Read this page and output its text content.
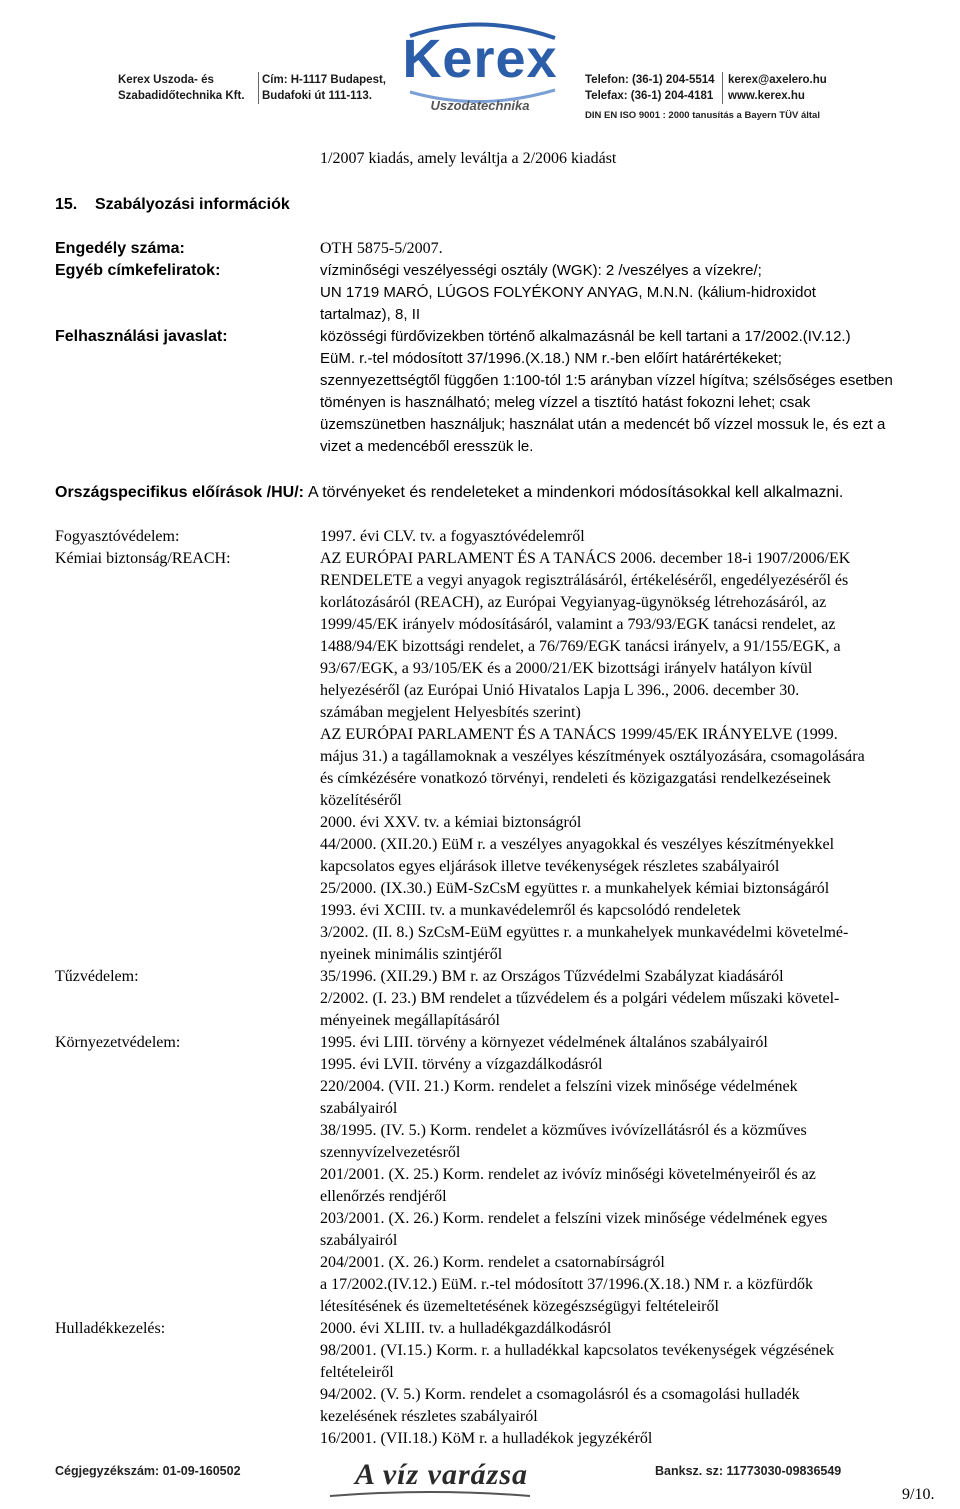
Kerex Uszoda- és
Szabadidőtechnika Kft.
Cím: H-1117 Budapest,
Budafoki út 111-113.
Kerex
Uszodatechnika
Telefon: (36-1) 204-5514
Telefax: (36-1) 204-4181
kerex@axelero.hu
www.kerex.hu
DIN EN ISO 9001 : 2000 tanusítás a Bayern TÜV által
1/2007 kiadás, amely leváltja a 2/2006 kiadást
15. Szabályozási információk
Engedély száma:	OTH 5875-5/2007.
Egyéb címkefeliratok:	vízminőségi veszélyességi osztály (WGK): 2 /veszélyes a vízekre/;
UN 1719 MARÓ, LÚGOS FOLYÉKONY ANYAG, M.N.N. (kálium-hidroxidot
tartalmaz), 8, II
Felhasználási javaslat:	közösségi fürdővizekben történő alkalmazásnál be kell tartani a 17/2002.(IV.12.)
EüM. r.-tel módosított 37/1996.(X.18.) NM r.-ben előírt határértékeket;
szennyezettségtől függően 1:100-tól 1:5 arányban vízzel hígítva; szélsőséges esetben
töményen is használható; meleg vízzel a tisztító hatást fokozni lehet; csak
üzemszünetben használjuk; használat után a medencét bő vízzel mossuk le, és ezt a
vizet a medencéből eresszük le.
Országspecifikus előírások /HU/: A törvényeket és rendeleteket a mindenkori módosításokkal kell alkalmazni.
Fogyasztóvédelem:	1997. évi CLV. tv. a fogyasztóvédelemről
Kémiai biztonság/REACH:	AZ EURÓPAI PARLAMENT ÉS A TANÁCS 2006. december 18-i 1907/2006/EK
RENDELETE a vegyi anyagok regisztrálásáról, értékeléséről, engedélyezéséről és
korlátozásáról (REACH), az Európai Vegyianyag-ügynökség létrehozásáról, az
1999/45/EK irányelv módosításáról, valamint a 793/93/EGK tanácsi rendelet, az
1488/94/EK bizottsági rendelet, a 76/769/EGK tanácsi irányelv, a 91/155/EGK, a
93/67/EGK, a 93/105/EK és a 2000/21/EK bizottsági irányelv hatályon kívül
helyezéséről (az Európai Unió Hivatalos Lapja L 396., 2006. december 30.
számában megjelent Helyesbítés szerint)
AZ EURÓPAI PARLAMENT ÉS A TANÁCS 1999/45/EK IRÁNYELVE (1999.
május 31.) a tagállamoknak a veszélyes készítmények osztályozására, csomagolására
és címkézésére vonatkozó törvényi, rendeleti és közigazgatási rendelkezéseinek
közelítéséről
2000. évi XXV. tv. a kémiai biztonságról
44/2000. (XII.20.) EüM r. a veszélyes anyagokkal és veszélyes készítményekkel
kapcsolatos egyes eljárások illetve tevékenységek részletes szabályairól
25/2000. (IX.30.) EüM-SzCsM együttes r. a munkahelyek kémiai biztonságáról
1993. évi XCIII. tv. a munkavédelemről és kapcsolódó rendeletek
3/2002. (II. 8.) SzCsM-EüM együttes r. a munkahelyek munkavédelmi követelmé-
nyeinek minimális szintjéről
Tűzvédelem:	35/1996. (XII.29.) BM r. az Országos Tűzvédelmi Szabályzat kiadásáról
2/2002. (I. 23.) BM rendelet a tűzvédelem és a polgári védelem műszaki követel-
ményeinek megállapításáról
Környezetvédelem:	1995. évi LIII. törvény a környezet védelmének általános szabályairól
1995. évi LVII. törvény a vízgazdálkodásról
220/2004. (VII. 21.) Korm. rendelet a felszíni vizek minősége védelmének
szabályairól
38/1995. (IV. 5.) Korm. rendelet a közműves ivóvízellátásról és a közműves
szennyvízelvezetésről
201/2001. (X. 25.) Korm. rendelet az ivóvíz minőségi követelményeiről és az
ellenőrzés rendjéről
203/2001. (X. 26.) Korm. rendelet a felszíni vizek minősége védelmének egyes
szabályairól
204/2001. (X. 26.) Korm. rendelet a csatornabírságról
a 17/2002.(IV.12.) EüM. r.-tel módosított 37/1996.(X.18.) NM r. a közfürdők
létesítésének és üzemeltetésének közegészségügyi feltételeiről
Hulladékkezelés:	2000. évi XLIII. tv. a hulladékgazdálkodásról
98/2001. (VI.15.) Korm. r. a hulladékkal kapcsolatos tevékenységek végzésének
feltételeiről
94/2002. (V. 5.) Korm. rendelet a csomagolásról és a csomagolási hulladék
kezelésének részletes szabályairól
16/2001. (VII.18.) KöM r. a hulladékok jegyzékéről
Cégjegyzékszám: 01-09-160502	A víz varázsa	Banksz. sz: 11773030-09836549
9/10.
